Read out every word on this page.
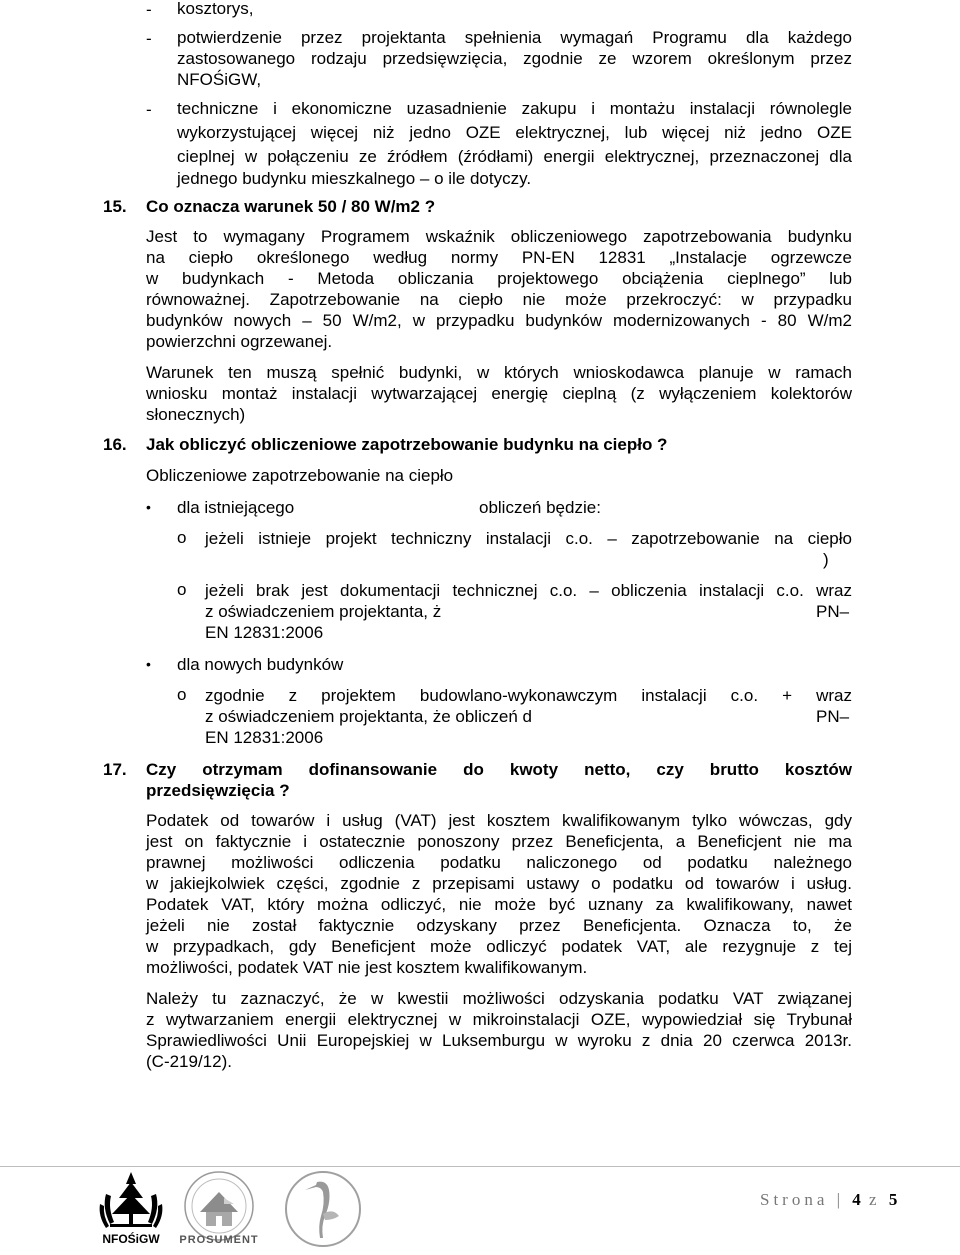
- kosztorys,
- potwierdzenie przez projektanta spełnienia wymagań Programu dla każdego
zastosowanego rodzaju przedsięwzięcia, zgodnie ze wzorem określonym przez
NFOŚiGW,
- techniczne i ekonomiczne uzasadnienie zakupu i montażu instalacji równolegle
wykorzystującej więcej niż jedno OZE elektrycznej, lub więcej niż jedno OZE
cieplnej w połączeniu ze źródłem (źródłami) energii elektrycznej, przeznaczonej dla
jednego budynku mieszkalnego – o ile dotyczy.
15. Co oznacza warunek 50 / 80 W/m2 ?
Jest to wymagany Programem wskaźnik obliczeniowego zapotrzebowania budynku
na ciepło określonego według normy PN-EN 12831 „Instalacje ogrzewcze
w budynkach - Metoda obliczania projektowego obciążenia cieplnego” lub
równoważnej. Zapotrzebowanie na ciepło nie może przekroczyć: w przypadku
budynków nowych – 50 W/m2, w przypadku budynków modernizowanych - 80 W/m2
powierzchni ogrzewanej.
Warunek ten muszą spełnić budynki, w których wnioskodawca planuje w ramach
wniosku montaż instalacji wytwarzającej energię cieplną (z wyłączeniem kolektorów
słonecznych)
16. Jak obliczyć obliczeniowe zapotrzebowanie budynku na ciepło ?
Obliczeniowe zapotrzebowanie na ciepło
• dla istniejącego	obliczeń będzie:
o jeżeli istnieje projekt techniczny instalacji c.o. – zapotrzebowanie na ciepło
)
o jeżeli brak jest dokumentacji technicznej c.o. – obliczenia instalacji c.o. wraz
z oświadczeniem projektanta, ż	PN–
EN 12831:2006
• dla nowych budynków
o zgodnie z projektem budowlano-wykonawczym instalacji c.o. + wraz
z oświadczeniem projektanta, że obliczeń d	PN–
EN 12831:2006
17. Czy otrzymam dofinansowanie do kwoty netto, czy brutto kosztów
przedsięwzięcia ?
Podatek od towarów i usług (VAT) jest kosztem kwalifikowanym tylko wówczas, gdy
jest on faktycznie i ostatecznie ponoszony przez Beneficjenta, a Beneficjent nie ma
prawnej możliwości odliczenia podatku naliczonego od podatku należnego
w jakiejkolwiek części, zgodnie z przepisami ustawy o podatku od towarów i usług.
Podatek VAT, który można odliczyć, nie może być uznany za kwalifikowany, nawet
jeżeli nie został faktycznie odzyskany przez Beneficjenta. Oznacza to, że
w przypadkach, gdy Beneficjent może odliczyć podatek VAT, ale rezygnuje z tej
możliwości, podatek VAT nie jest kosztem kwalifikowanym.
Należy tu zaznaczyć, że w kwestii możliwości odzyskania podatku VAT związanej
z wytwarzaniem energii elektrycznej w mikroinstalacji OZE, wypowiedział się Trybunał
Sprawiedliwości Unii Europejskiej w Luksemburgu w wyroku z dnia 20 czerwca 2013r.
(C-219/12).
NFOŚiGW	PROSUMENT
Strona | 4 z 5
